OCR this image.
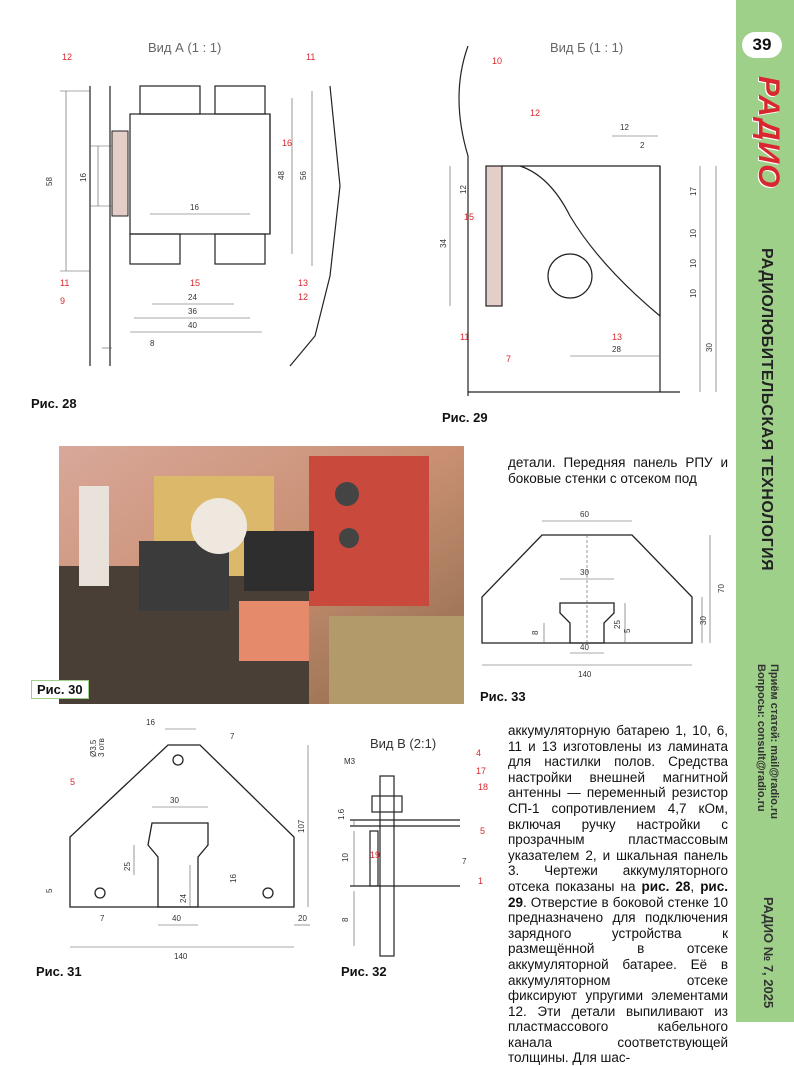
39
РАДИО
РАДИОЛЮБИТЕЛЬСКАЯ ТЕХНОЛОГИЯ
Приём статей: mail@radio.ru
Вопросы: consult@radio.ru
РАДИО № 7, 2025
Вид А (1 : 1)
58
16
48 56
16
24
36
40
8
12	11
16
11	15	13
12
9
Рис. 28
Вид Б (1 : 1)
12
2
12
34
17
10
10
10
30
28
10
12
15
11	13
7
Рис. 29
Рис. 30
детали. Передняя панель РПУ и боковые стенки с отсеком под
60
30
8	5
25
70
30
40
140
Рис. 33
16
3 отв
Ø3.5
7
30
25
107
24
16
5
7	40	20
140
5
Рис. 31
Вид В (2:1)
М3
1.6
10
8
7
4
17
18
5
19
1
Рис. 32
аккумуляторную батарею 1, 10, 6, 11 и 13 изготовлены из ламината для настилки полов. Средства настройки внешней магнитной антенны — переменный резистор СП-1 сопротивлением 4,7 кОм, включая ручку настройки с прозрачным пластмассовым указателем 2, и шкальная панель 3. Чертежи аккумуляторного отсека показаны на рис. 28, рис. 29. Отверстие в боковой стенке 10 предназначено для подключения зарядного устройства к размещённой в отсеке аккумуляторной батарее. Её в аккумуляторном отсеке фиксируют упругими элементами 12. Эти детали выпиливают из пластмассового кабельного канала соответствующей толщины. Для шас-
